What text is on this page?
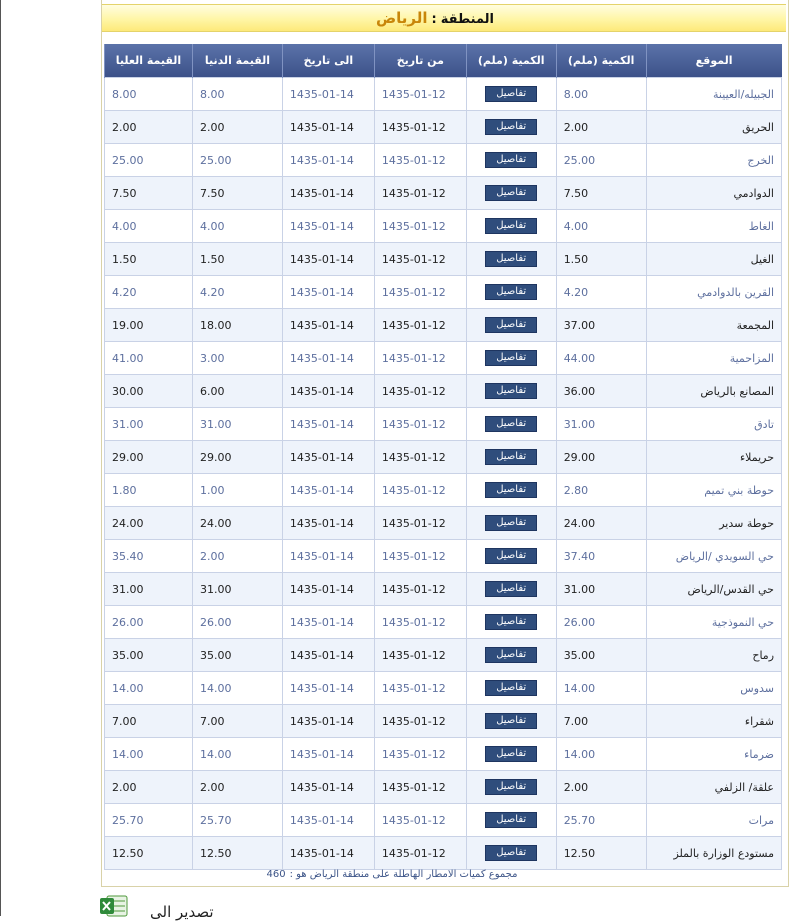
المنطقة:الرياض
الموقع	الكمية (ملم)	الكمية (ملم)	من تاريخ	الى تاريخ	القيمة الدنيا	القيمة العليا
الجبيله/العيينة	8.00	تفاصيل	1435-01-12	1435-01-14	8.00	8.00
الحريق	2.00	تفاصيل	1435-01-12	1435-01-14	2.00	2.00
الخرج	25.00	تفاصيل	1435-01-12	1435-01-14	25.00	25.00
الدوادمي	7.50	تفاصيل	1435-01-12	1435-01-14	7.50	7.50
الغاط	4.00	تفاصيل	1435-01-12	1435-01-14	4.00	4.00
الغيل	1.50	تفاصيل	1435-01-12	1435-01-14	1.50	1.50
القرين بالدوادمي	4.20	تفاصيل	1435-01-12	1435-01-14	4.20	4.20
المجمعة	37.00	تفاصيل	1435-01-12	1435-01-14	18.00	19.00
المزاحمية	44.00	تفاصيل	1435-01-12	1435-01-14	3.00	41.00
المصانع بالرياض	36.00	تفاصيل	1435-01-12	1435-01-14	6.00	30.00
تادق	31.00	تفاصيل	1435-01-12	1435-01-14	31.00	31.00
حريملاء	29.00	تفاصيل	1435-01-12	1435-01-14	29.00	29.00
حوطة بني تميم	2.80	تفاصيل	1435-01-12	1435-01-14	1.00	1.80
حوطة سدير	24.00	تفاصيل	1435-01-12	1435-01-14	24.00	24.00
حي السويدي /الرياض	37.40	تفاصيل	1435-01-12	1435-01-14	2.00	35.40
حي القدس/الرياض	31.00	تفاصيل	1435-01-12	1435-01-14	31.00	31.00
حي النموذجية	26.00	تفاصيل	1435-01-12	1435-01-14	26.00	26.00
رماح	35.00	تفاصيل	1435-01-12	1435-01-14	35.00	35.00
سدوس	14.00	تفاصيل	1435-01-12	1435-01-14	14.00	14.00
شقراء	7.00	تفاصيل	1435-01-12	1435-01-14	7.00	7.00
ضرماء	14.00	تفاصيل	1435-01-12	1435-01-14	14.00	14.00
علقة/ الزلفي	2.00	تفاصيل	1435-01-12	1435-01-14	2.00	2.00
مرات	25.70	تفاصيل	1435-01-12	1435-01-14	25.70	25.70
مستودع الوزارة بالملز	12.50	تفاصيل	1435-01-12	1435-01-14	12.50	12.50
مجموع كميات الامطار الهاطلة على منطقة الرياض هو :460
تصدير الى
